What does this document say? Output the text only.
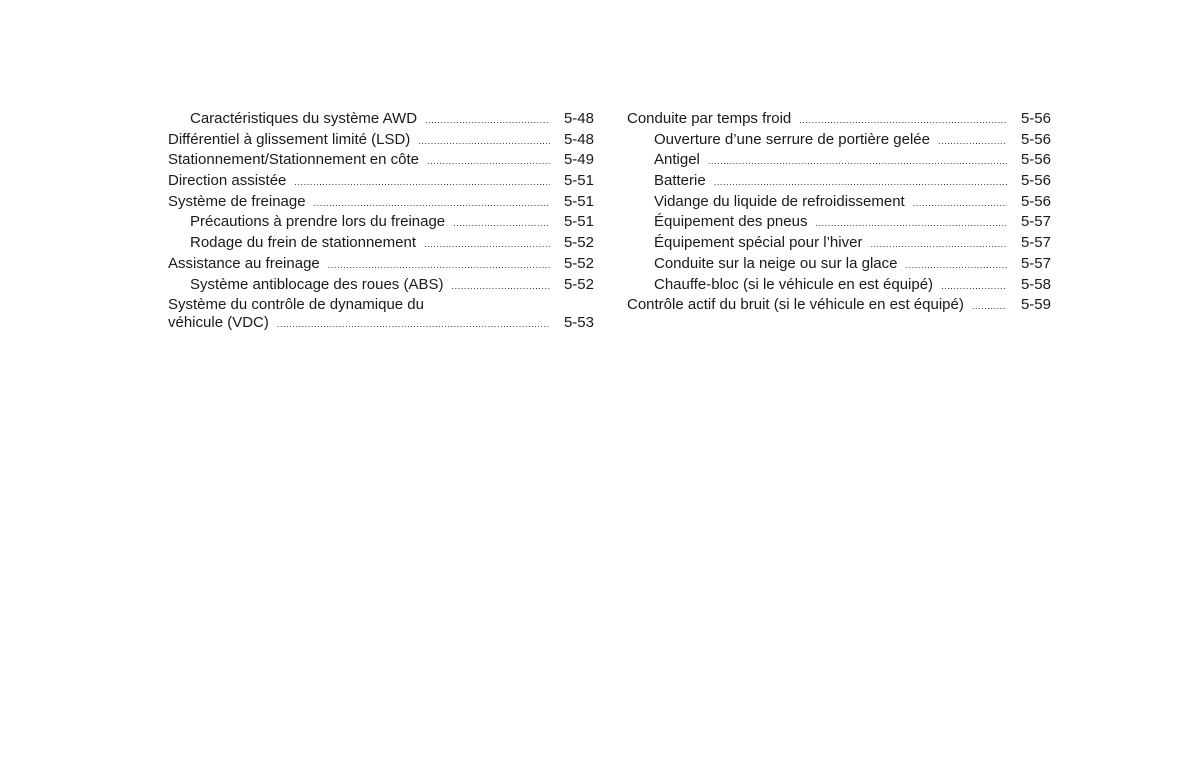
Caractéristiques du système AWD .....	5-48
Différentiel à glissement limité (LSD) .....	5-48
Stationnement/Stationnement en côte .....	5-49
Direction assistée .....	5-51
Système de freinage .....	5-51
Précautions à prendre lors du freinage .....	5-51
Rodage du frein de stationnement .....	5-52
Assistance au freinage .....	5-52
Système antiblocage des roues (ABS) .....	5-52
Système du contrôle de dynamique du
véhicule (VDC) .....	5-53
Conduite par temps froid .....	5-56
Ouverture d’une serrure de portière gelée .....	5-56
Antigel .....	5-56
Batterie .....	5-56
Vidange du liquide de refroidissement .....	5-56
Équipement des pneus .....	5-57
Équipement spécial pour l’hiver .....	5-57
Conduite sur la neige ou sur la glace .....	5-57
Chauffe-bloc (si le véhicule en est équipé) .....	5-58
Contrôle actif du bruit (si le véhicule en est équipé) .....	5-59
